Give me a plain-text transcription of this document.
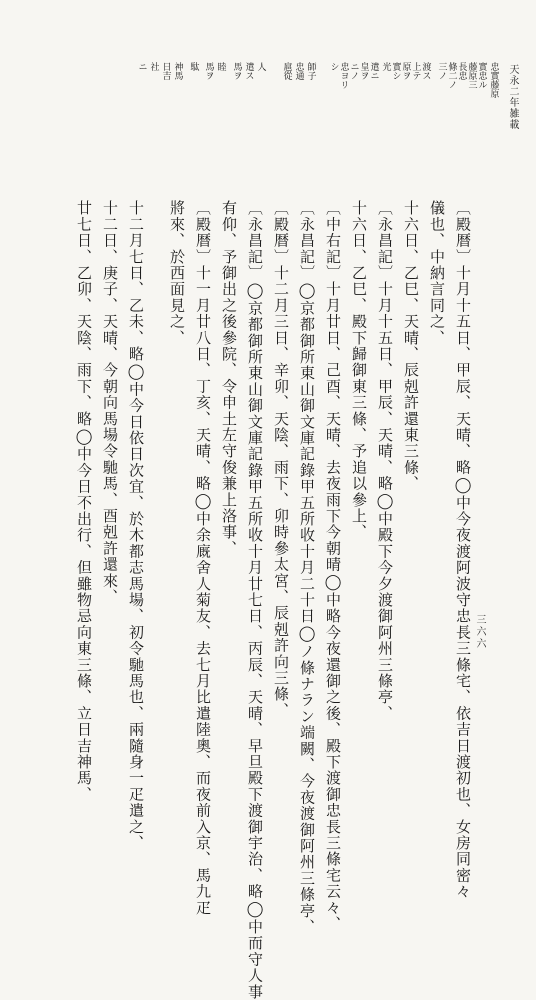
天永二年雑載
三六六
忠實藤原
實忠ル
藤原三
長忠
條二ノ
三ノ
渡ス
上テ
原ヲ
實シ
光
遣ニ
皇ヲ
ニノ
忠ヨリ
シ
師子
忠通
扈從
人
遣ス
馬ヲ
睦
馬ヲ
駄
神馬
日吉
社
ニ
〔殿暦〕十月十五日、甲辰、天晴、略◯中今夜渡阿波守忠長三條宅、依吉日渡初也、女房同密々
儀也、中納言同之、
十六日、乙巳、天晴、辰剋許還東三條、
〔永昌記〕十月十五日、甲辰、天晴、略◯中殿下今夕渡御阿州三條亭、
十六日、乙巳、殿下歸御東三條、予追以參上、
〔中右記〕十月廿日、己酉、天晴、去夜雨下今朝晴◯中略今夜還御之後、殿下渡御忠長三條宅云々、
〔永昌記〕◯京都御所東山御文庫記錄甲五所收十月二十日◯ノ條ナラン端闕、今夜渡御阿州三條亭、
〔殿暦〕十二月三日、辛卯、天陰、雨下、卯時參太宮、辰剋許向三條、
〔永昌記〕◯京都御所東山御文庫記錄甲五所收十月廿七日、丙辰、天晴、早旦殿下渡御宇治、略◯中而守人事
有仰、予御出之後參院、令申土左守俊兼上洛事、
〔殿暦〕十一月廿八日、丁亥、天晴、略◯中余廐舍人菊友、去七月比遣陸奧、而夜前入京、馬九疋
將來、於西面見之、
十二月七日、乙未、略◯中今日依日次宜、於木都志馬場、初令馳馬也、兩隨身一疋遣之、
十二日、庚子、天晴、今朝向馬場令馳馬、酉剋許還來、
廿七日、乙卯、天陰、雨下、略◯中今日不出行、但雖物忌向東三條、立日吉神馬、
